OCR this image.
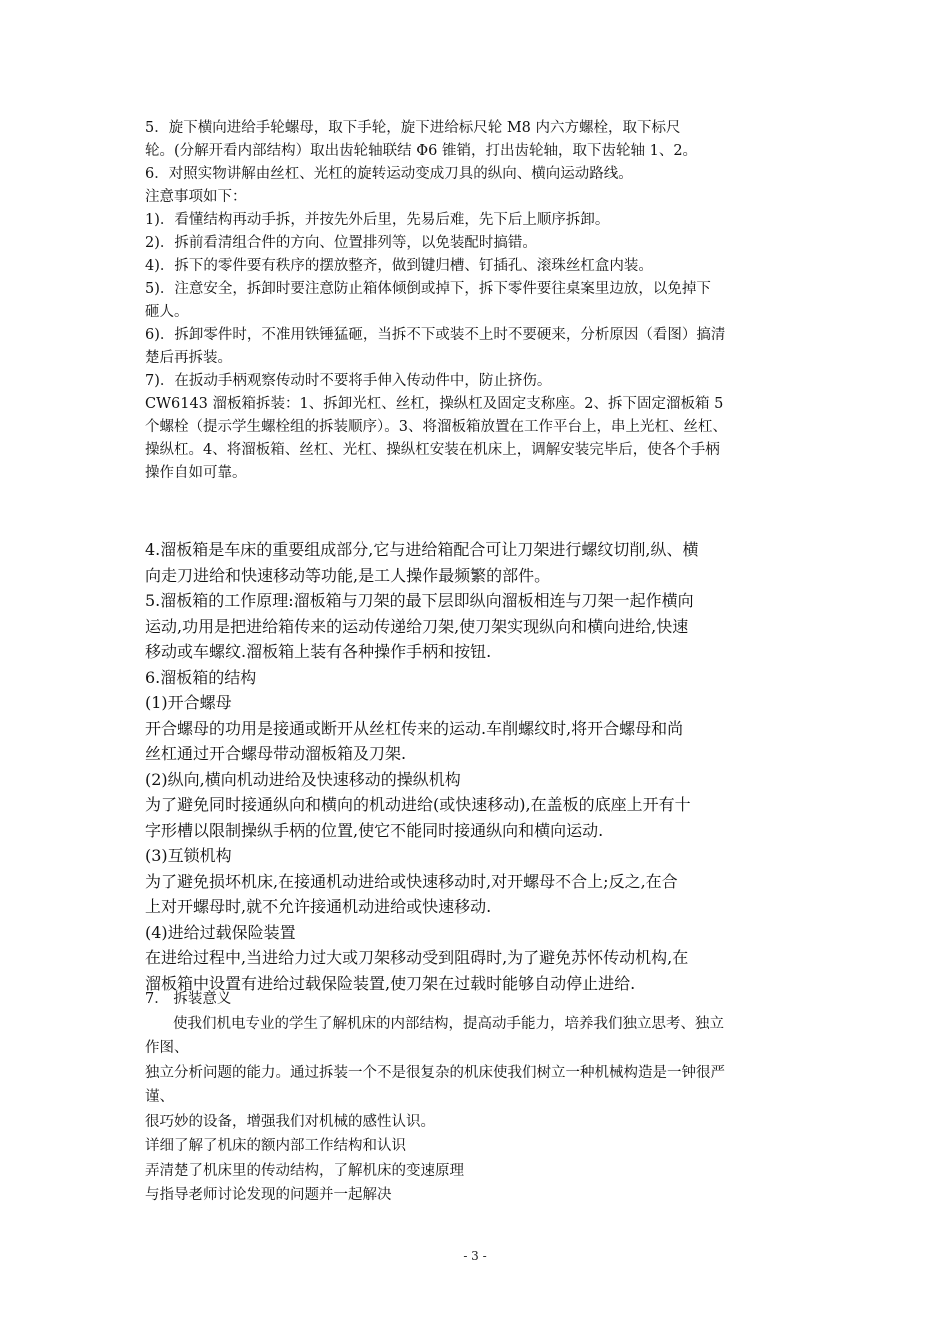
5．旋下横向进给手轮螺母，取下手轮，旋下进给标尺轮 M8 内六方螺栓，取下标尺

轮。(分解开看内部结构）取出齿轮轴联结 Φ6 锥销，打出齿轮轴，取下齿轮轴 1、2。

6．对照实物讲解由丝杠、光杠的旋转运动变成刀具的纵向、横向运动路线。

注意事项如下：

1)．看懂结构再动手拆，并按先外后里，先易后难，先下后上顺序拆卸。

2)．拆前看清组合件的方向、位置排列等，以免装配时搞错。

4)．拆下的零件要有秩序的摆放整齐，做到键归槽、钉插孔、滚珠丝杠盒内装。

5)．注意安全，拆卸时要注意防止箱体倾倒或掉下，拆下零件要往桌案里边放，以免掉下

砸人。

6)．拆卸零件时，不准用铁锤猛砸，当拆不下或装不上时不要硬来，分析原因（看图）搞清

楚后再拆装。

7)．在扳动手柄观察传动时不要将手伸入传动件中，防止挤伤。

CW6143 溜板箱拆装：1、拆卸光杠、丝杠，操纵杠及固定支称座。2、拆下固定溜板箱 5

个螺栓（提示学生螺栓组的拆装顺序）。3、将溜板箱放置在工作平台上，串上光杠、丝杠、

操纵杠。4、将溜板箱、丝杠、光杠、操纵杠安装在机床上，调解安装完毕后，使各个手柄

操作自如可靠。

4.溜板箱是车床的重要组成部分,它与进给箱配合可让刀架进行螺纹切削,纵、横

向走刀进给和快速移动等功能,是工人操作最频繁的部件。

5.溜板箱的工作原理:溜板箱与刀架的最下层即纵向溜板相连与刀架一起作横向

运动,功用是把进给箱传来的运动传递给刀架,使刀架实现纵向和横向进给,快速

移动或车螺纹.溜板箱上装有各种操作手柄和按钮.

6.溜板箱的结构

(1)开合螺母

开合螺母的功用是接通或断开从丝杠传来的运动.车削螺纹时,将开合螺母和尚

丝杠通过开合螺母带动溜板箱及刀架.

(2)纵向,横向机动进给及快速移动的操纵机构

为了避免同时接通纵向和横向的机动进给(或快速移动),在盖板的底座上开有十

字形槽以限制操纵手柄的位置,使它不能同时接通纵向和横向运动.

(3)互锁机构

为了避免损坏机床,在接通机动进给或快速移动时,对开螺母不合上;反之,在合

上对开螺母时,就不允许接通机动进给或快速移动.

(4)进给过载保险装置

在进给过程中,当进给力过大或刀架移动受到阻碍时,为了避免苏怀传动机构,在

溜板箱中设置有进给过载保险装置,使刀架在过载时能够自动停止进给.

7． 拆装意义

使我们机电专业的学生了解机床的内部结构，提高动手能力，培养我们独立思考、独立

作图、

独立分析问题的能力。通过拆装一个不是很复杂的机床使我们树立一种机械构造是一钟很严

谨、

很巧妙的设备，增强我们对机械的感性认识。

详细了解了机床的额内部工作结构和认识

弄清楚了机床里的传动结构，了解机床的变速原理

与指导老师讨论发现的问题并一起解决

- 3 -
